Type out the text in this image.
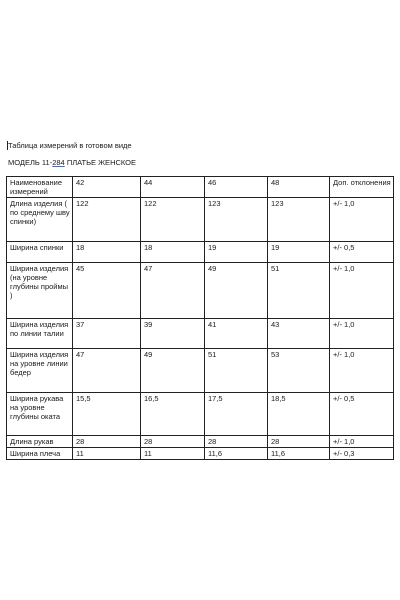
Таблица измерений в готовом виде
МОДЕЛЬ 11-284 ПЛАТЬЕ ЖЕНСКОЕ
Наименование измерений	42	44	46	48	Доп. отклонения
Длина изделия ( по среднему шву спинки)	122	122	123	123	+/- 1,0
Ширина спинки	18	18	19	19	+/- 0,5
Ширина изделия (на уровне глубины проймы )	45	47	49	51	+/- 1,0
Ширина изделия по линии талии	37	39	41	43	+/- 1,0
Ширина изделия на уровне линии бедер	47	49	51	53	+/- 1,0
Ширина рукава на уровне глубины оката	15,5	16,5	17,5	18,5	+/- 0,5
Длина рукав	28	28	28	28	+/- 1,0
Ширина плеча	11	11	11,6	11,6	+/- 0,3
